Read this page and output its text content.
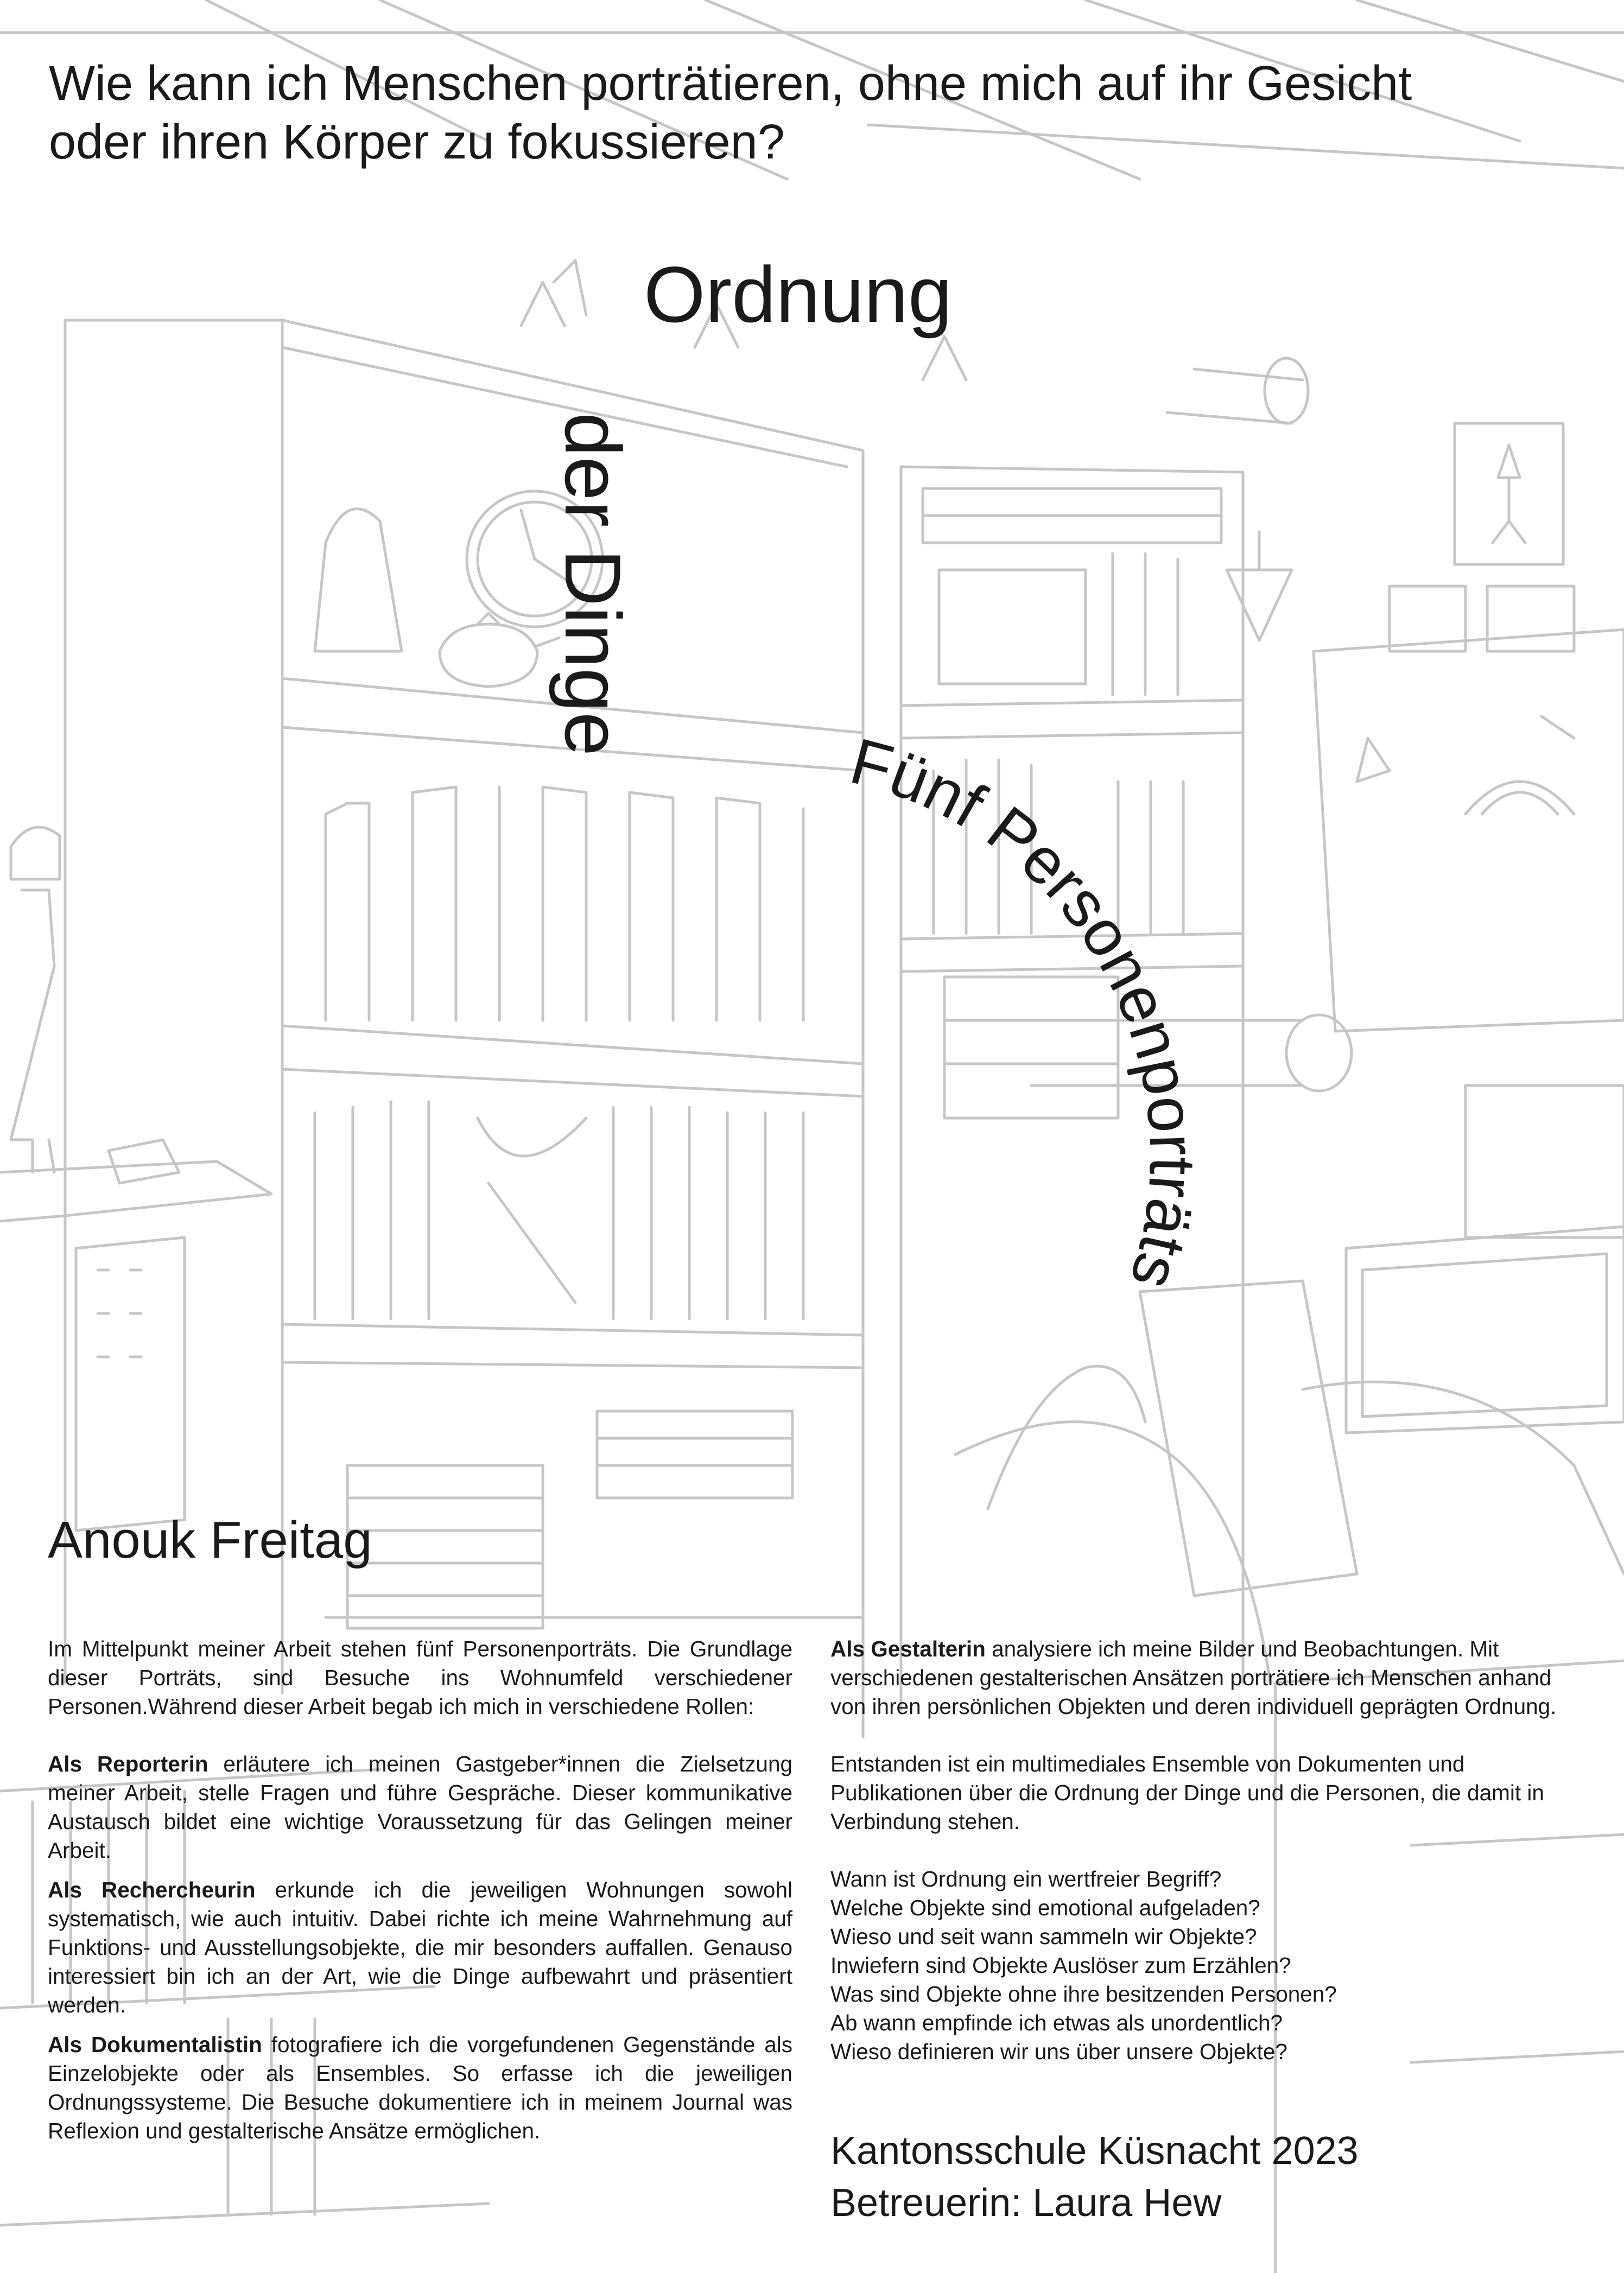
Wie kann ich Menschen porträtieren, ohne mich auf ihr Gesicht oder ihren Körper zu fokussieren?
Ordnung
der Dinge
Fünf Personenporträts
Anouk Freitag

Im Mittelpunkt meiner Arbeit stehen fünf Personenporträts. Die Grundlage dieser Porträts, sind Besuche ins Wohnumfeld verschiedener Personen.Während dieser Arbeit begab ich mich in verschiedene Rollen:

Als Reporterin erläutere ich meinen Gastgeber*innen die Zielsetzung meiner Arbeit, stelle Fragen und führe Gespräche. Dieser kommunikative Austausch bildet eine wichtige Voraussetzung für das Gelingen meiner Arbeit.

Als Rechercheurin erkunde ich die jeweiligen Wohnungen sowohl systematisch, wie auch intuitiv. Dabei richte ich meine Wahrnehmung auf Funktions- und Ausstellungsobjekte, die mir besonders auffallen. Genauso interessiert bin ich an der Art, wie die Dinge aufbewahrt und präsentiert werden.

Als Dokumentalistin fotografiere ich die vorgefundenen Gegenstände als Einzelobjekte oder als Ensembles. So erfasse ich die jeweiligen Ordnungssysteme. Die Besuche dokumentiere ich in meinem Journal was Reflexion und gestalterische Ansätze ermöglichen.

Als Gestalterin analysiere ich meine Bilder und Beobachtungen. Mit verschiedenen gestalterischen Ansätzen porträtiere ich Menschen anhand von ihren persönlichen Objekten und deren individuell geprägten Ordnung.

Entstanden ist ein multimediales Ensemble von Dokumenten und Publikationen über die Ordnung der Dinge und die Personen, die damit in Verbindung stehen.

Wann ist Ordnung ein wertfreier Begriff?

Welche Objekte sind emotional aufgeladen?

Wieso und seit wann sammeln wir Objekte?

Inwiefern sind Objekte Auslöser zum Erzählen?

Was sind Objekte ohne ihre besitzenden Personen?

Ab wann empfinde ich etwas als unordentlich?

Wieso definieren wir uns über unsere Objekte?

Kantonsschule Küsnacht 2023
Betreuerin: Laura Hew
